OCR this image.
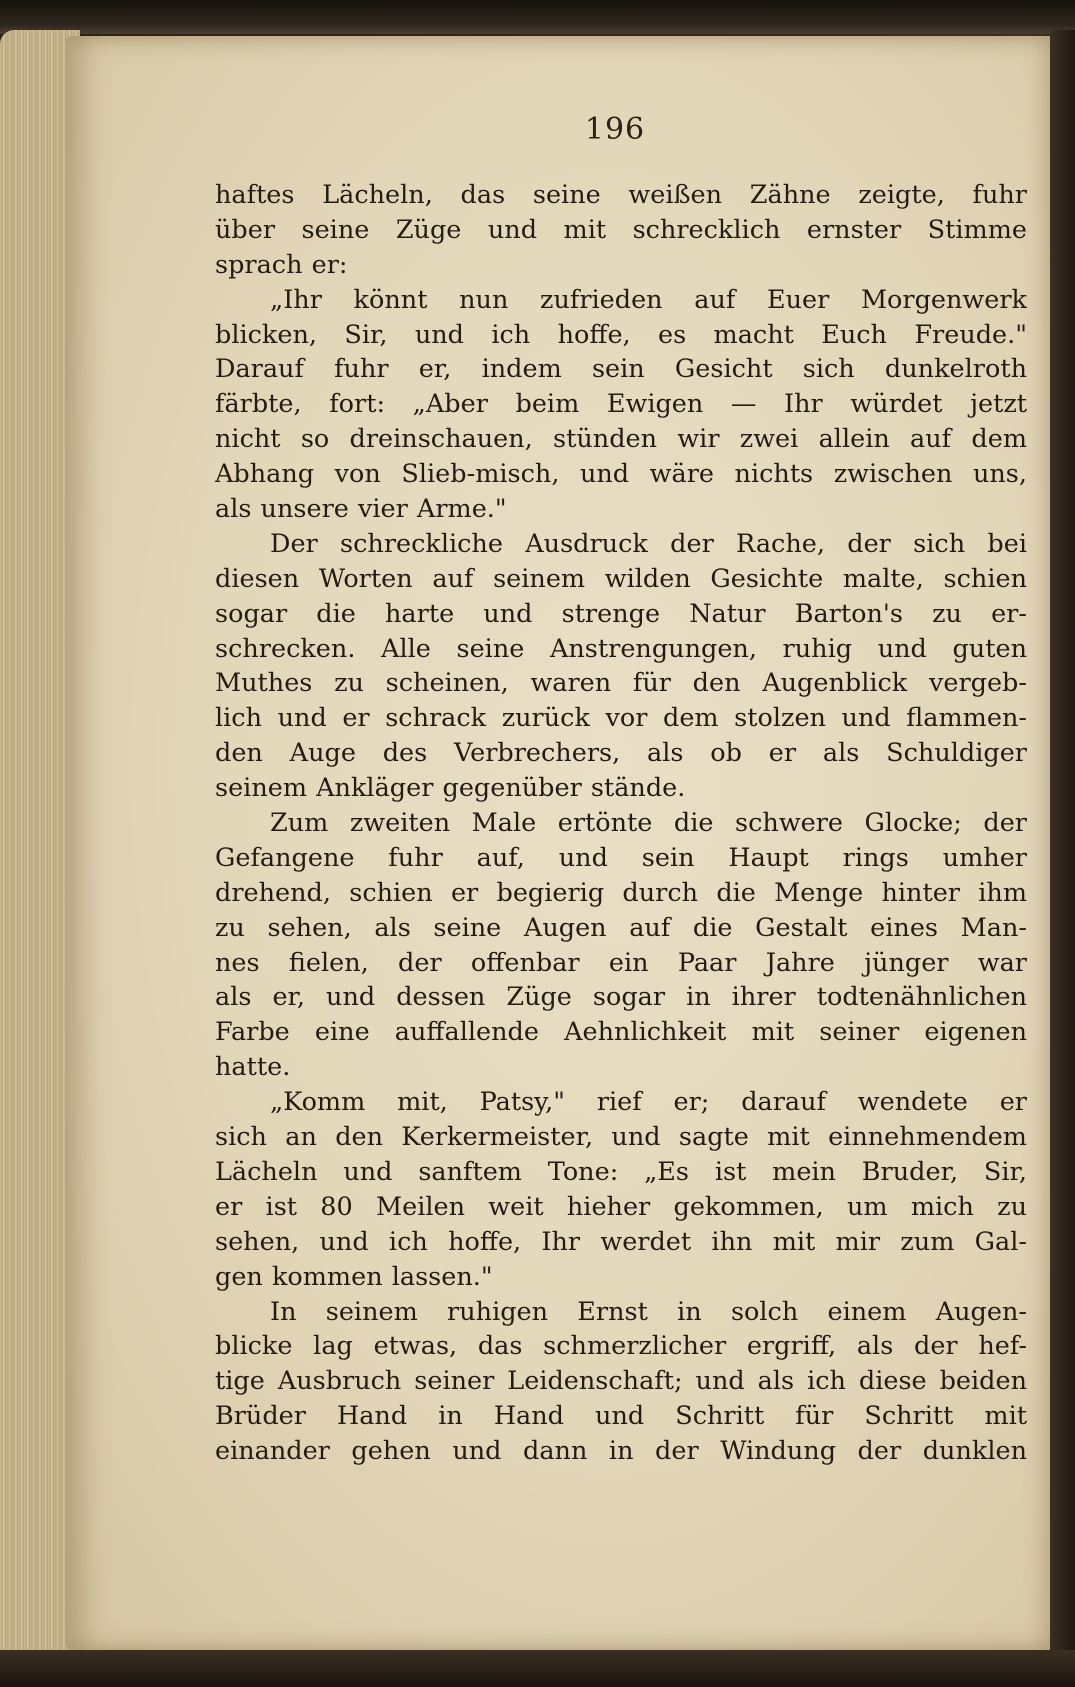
196
haftes Lächeln, das seine weißen Zähne zeigte, fuhr
über seine Züge und mit schrecklich ernster Stimme
sprach er:
„Ihr könnt nun zufrieden auf Euer Morgenwerk
blicken, Sir, und ich hoffe, es macht Euch Freude."
Darauf fuhr er, indem sein Gesicht sich dunkelroth
färbte, fort: „Aber beim Ewigen — Ihr würdet jetzt
nicht so dreinschauen, stünden wir zwei allein auf dem
Abhang von Slieb-misch, und wäre nichts zwischen uns,
als unsere vier Arme."
Der schreckliche Ausdruck der Rache, der sich bei
diesen Worten auf seinem wilden Gesichte malte, schien
sogar die harte und strenge Natur Barton's zu er-
schrecken. Alle seine Anstrengungen, ruhig und guten
Muthes zu scheinen, waren für den Augenblick vergeb-
lich und er schrack zurück vor dem stolzen und flammen-
den Auge des Verbrechers, als ob er als Schuldiger
seinem Ankläger gegenüber stände.
Zum zweiten Male ertönte die schwere Glocke; der
Gefangene fuhr auf, und sein Haupt rings umher
drehend, schien er begierig durch die Menge hinter ihm
zu sehen, als seine Augen auf die Gestalt eines Man-
nes fielen, der offenbar ein Paar Jahre jünger war
als er, und dessen Züge sogar in ihrer todtenähnlichen
Farbe eine auffallende Aehnlichkeit mit seiner eigenen
hatte.
„Komm mit, Patsy," rief er; darauf wendete er
sich an den Kerkermeister, und sagte mit einnehmendem
Lächeln und sanftem Tone: „Es ist mein Bruder, Sir,
er ist 80 Meilen weit hieher gekommen, um mich zu
sehen, und ich hoffe, Ihr werdet ihn mit mir zum Gal-
gen kommen lassen."
In seinem ruhigen Ernst in solch einem Augen-
blicke lag etwas, das schmerzlicher ergriff, als der hef-
tige Ausbruch seiner Leidenschaft; und als ich diese beiden
Brüder Hand in Hand und Schritt für Schritt mit
einander gehen und dann in der Windung der dunklen
